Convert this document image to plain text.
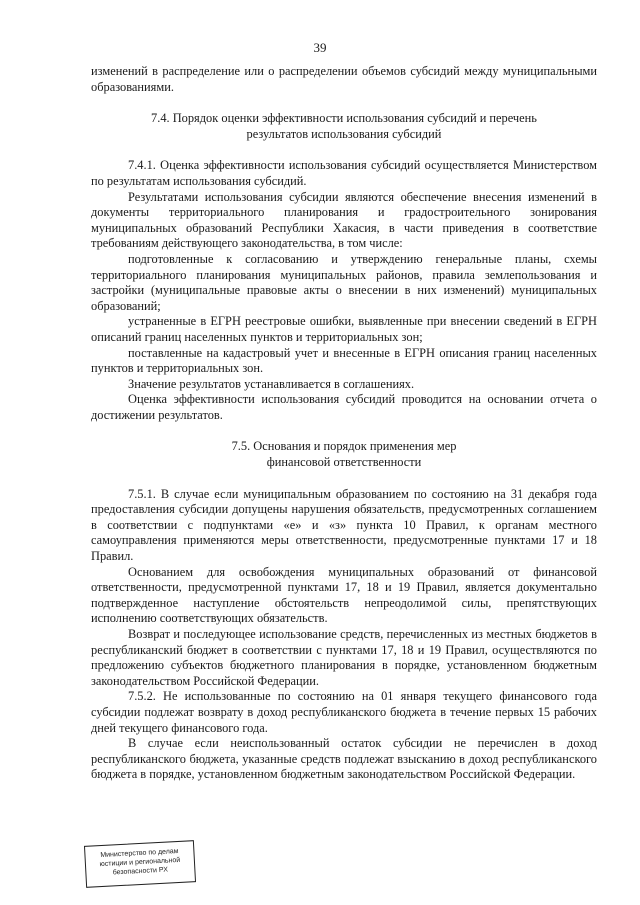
39

изменений в распределение или о распределении объемов субсидий между муниципальными образованиями.

7.4. Порядок оценки эффективности использования субсидий и перечень
результатов использования субсидий

7.4.1. Оценка эффективности использования субсидий осуществляется Министерством по результатам использования субсидий.

Результатами использования субсидии являются обеспечение внесения изменений в документы территориального планирования и градостроительного зонирования муниципальных образований Республики Хакасия, в части приведения в соответствие требованиям действующего законодательства, в том числе:

подготовленные к согласованию и утверждению генеральные планы, схемы территориального планирования муниципальных районов, правила землепользования и застройки (муниципальные правовые акты о внесении в них изменений) муниципальных образований;

устраненные в ЕГРН реестровые ошибки, выявленные при внесении сведений в ЕГРН описаний границ населенных пунктов и территориальных зон;

поставленные на кадастровый учет и внесенные в ЕГРН описания границ населенных пунктов и территориальных зон.

Значение результатов устанавливается в соглашениях.

Оценка эффективности использования субсидий проводится на основании отчета о достижении результатов.

7.5. Основания и порядок применения мер
финансовой ответственности

7.5.1. В случае если муниципальным образованием по состоянию на 31 декабря года предоставления субсидии допущены нарушения обязательств, предусмотренных соглашением в соответствии с подпунктами «е» и «з» пункта 10 Правил, к органам местного самоуправления применяются меры ответственности, предусмотренные пунктами 17 и 18 Правил.

Основанием для освобождения муниципальных образований от финансовой ответственности, предусмотренной пунктами 17, 18 и 19 Правил, является документально подтвержденное наступление обстоятельств непреодолимой силы, препятствующих исполнению соответствующих обязательств.

Возврат и последующее использование средств, перечисленных из местных бюджетов в республиканский бюджет в соответствии с пунктами 17, 18 и 19 Правил, осуществляются по предложению субъектов бюджетного планирования в порядке, установленном бюджетным законодательством Российской Федерации.

7.5.2. Не использованные по состоянию на 01 января текущего финансового года субсидии подлежат возврату в доход республиканского бюджета в течение первых 15 рабочих дней текущего финансового года.

В случае если неиспользованный остаток субсидии не перечислен в доход республиканского бюджета, указанные средств подлежат взысканию в доход республиканского бюджета в порядке, установленном бюджетным законодательством Российской Федерации.

Министерство по делам
юстиции и региональной
безопасности РХ
